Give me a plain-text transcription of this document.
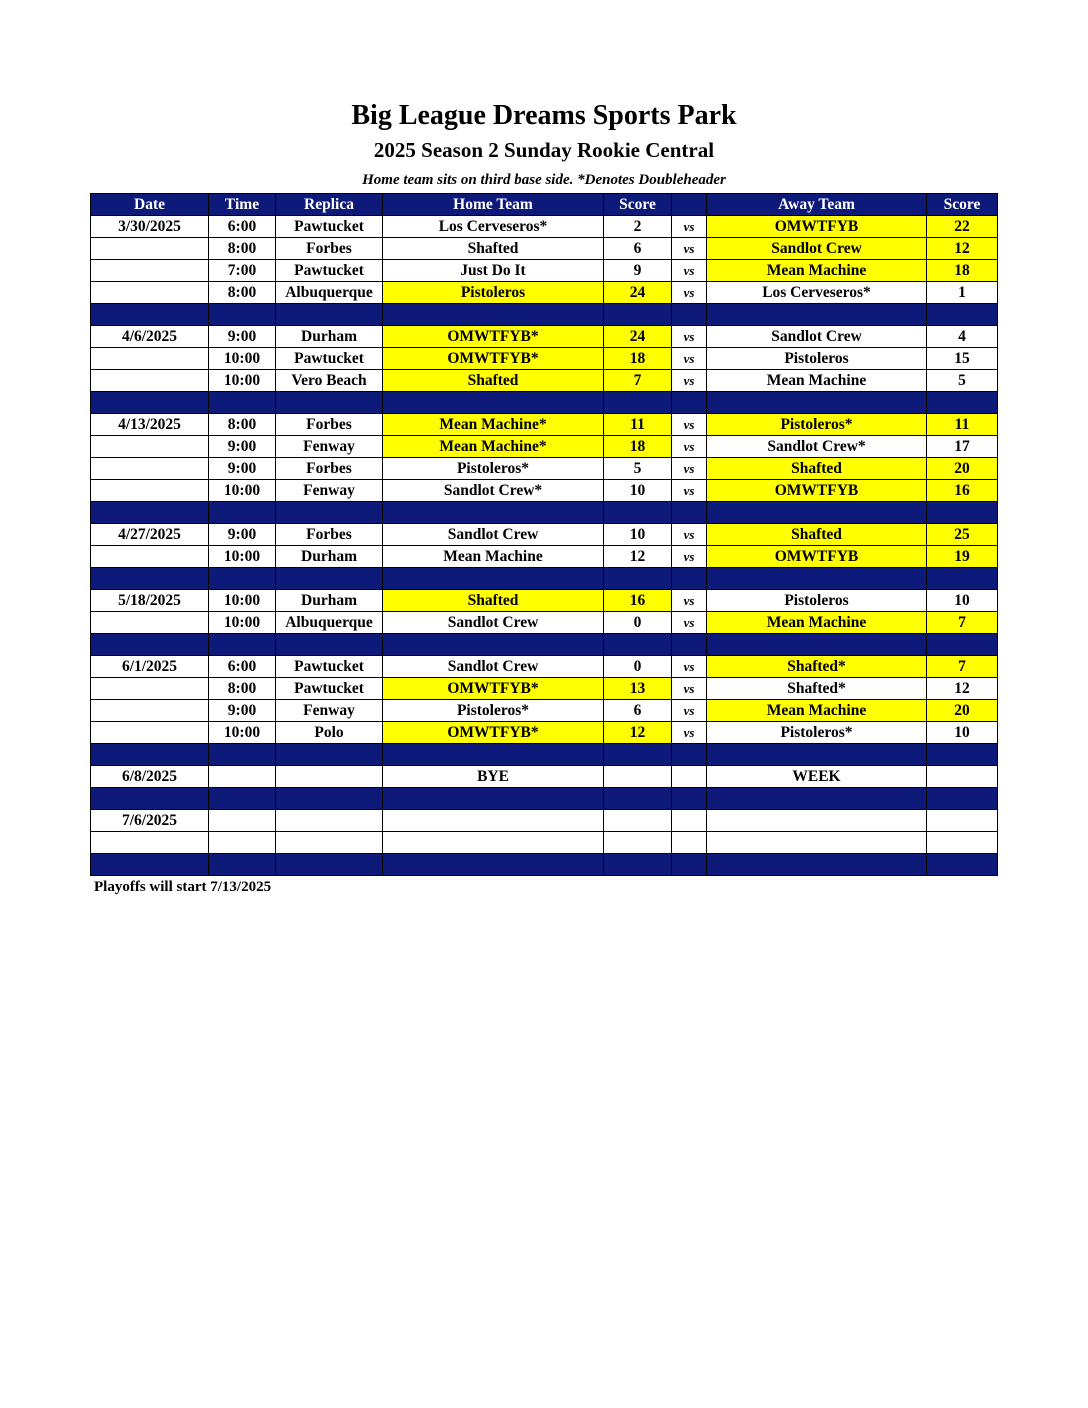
Big League Dreams Sports Park
2025 Season 2 Sunday Rookie Central
Home team sits on third base side. *Denotes Doubleheader
Date	Time	Replica	Home Team	Score		Away Team	Score
3/30/2025	6:00	Pawtucket	Los Cerveseros*	2	vs	OMWTFYB	22
	8:00	Forbes	Shafted	6	vs	Sandlot Crew	12
	7:00	Pawtucket	Just Do It	9	vs	Mean Machine	18
	8:00	Albuquerque	Pistoleros	24	vs	Los Cerveseros*	1

4/6/2025	9:00	Durham	OMWTFYB*	24	vs	Sandlot Crew	4
	10:00	Pawtucket	OMWTFYB*	18	vs	Pistoleros	15
	10:00	Vero Beach	Shafted	7	vs	Mean Machine	5

4/13/2025	8:00	Forbes	Mean Machine*	11	vs	Pistoleros*	11
	9:00	Fenway	Mean Machine*	18	vs	Sandlot Crew*	17
	9:00	Forbes	Pistoleros*	5	vs	Shafted	20
	10:00	Fenway	Sandlot Crew*	10	vs	OMWTFYB	16

4/27/2025	9:00	Forbes	Sandlot Crew	10	vs	Shafted	25
	10:00	Durham	Mean Machine	12	vs	OMWTFYB	19

5/18/2025	10:00	Durham	Shafted	16	vs	Pistoleros	10
	10:00	Albuquerque	Sandlot Crew	0	vs	Mean Machine	7

6/1/2025	6:00	Pawtucket	Sandlot Crew	0	vs	Shafted*	7
	8:00	Pawtucket	OMWTFYB*	13	vs	Shafted*	12
	9:00	Fenway	Pistoleros*	6	vs	Mean Machine	20
	10:00	Polo	OMWTFYB*	12	vs	Pistoleros*	10

6/8/2025			BYE			WEEK	

7/6/2025							

Playoffs will start 7/13/2025
